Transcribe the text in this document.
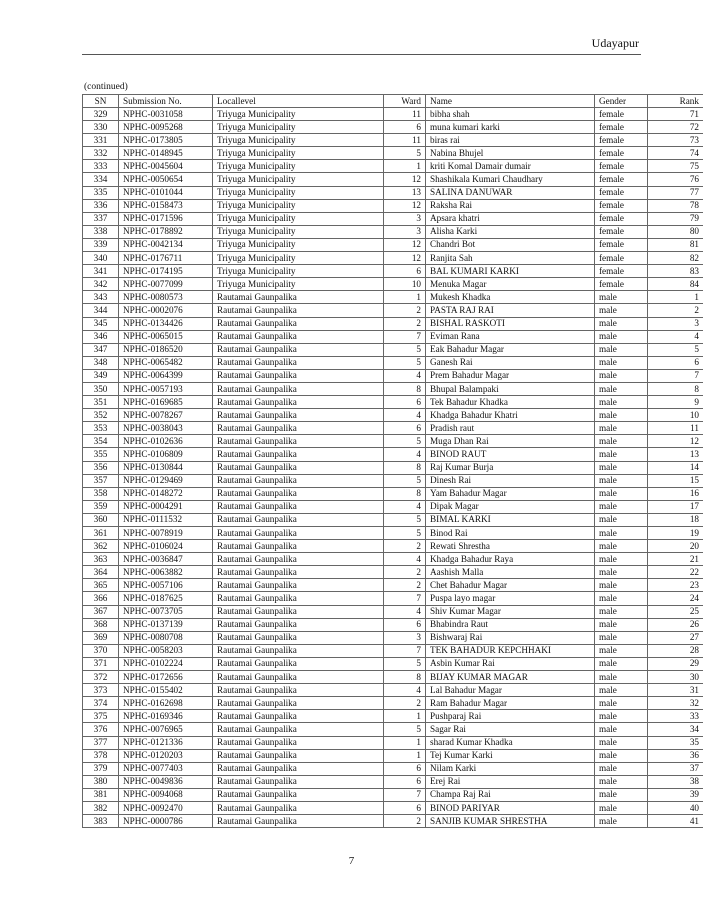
Udayapur
(continued)
SN	Submission No.	Locallevel	Ward	Name	Gender	Rank
329	NPHC-0031058	Triyuga Municipality	11	bibha shah	female	71
330	NPHC-0095268	Triyuga Municipality	6	muna kumari karki	female	72
331	NPHC-0173805	Triyuga Municipality	11	biras rai	female	73
332	NPHC-0148945	Triyuga Municipality	5	Nabina Bhujel	female	74
333	NPHC-0045604	Triyuga Municipality	1	kriti Komal Damair dumair	female	75
334	NPHC-0050654	Triyuga Municipality	12	Shashikala Kumari Chaudhary	female	76
335	NPHC-0101044	Triyuga Municipality	13	SALINA DANUWAR	female	77
336	NPHC-0158473	Triyuga Municipality	12	Raksha Rai	female	78
337	NPHC-0171596	Triyuga Municipality	3	Apsara khatri	female	79
338	NPHC-0178892	Triyuga Municipality	3	Alisha Karki	female	80
339	NPHC-0042134	Triyuga Municipality	12	Chandri Bot	female	81
340	NPHC-0176711	Triyuga Municipality	12	Ranjita Sah	female	82
341	NPHC-0174195	Triyuga Municipality	6	BAL KUMARI KARKI	female	83
342	NPHC-0077099	Triyuga Municipality	10	Menuka Magar	female	84
343	NPHC-0080573	Rautamai Gaunpalika	1	Mukesh Khadka	male	1
344	NPHC-0002076	Rautamai Gaunpalika	2	PASTA RAJ RAI	male	2
345	NPHC-0134426	Rautamai Gaunpalika	2	BISHAL RASKOTI	male	3
346	NPHC-0065015	Rautamai Gaunpalika	7	Eviman Rana	male	4
347	NPHC-0186520	Rautamai Gaunpalika	5	Eak Bahadur Magar	male	5
348	NPHC-0065482	Rautamai Gaunpalika	5	Ganesh Rai	male	6
349	NPHC-0064399	Rautamai Gaunpalika	4	Prem Bahadur Magar	male	7
350	NPHC-0057193	Rautamai Gaunpalika	8	Bhupal Balampaki	male	8
351	NPHC-0169685	Rautamai Gaunpalika	6	Tek Bahadur Khadka	male	9
352	NPHC-0078267	Rautamai Gaunpalika	4	Khadga Bahadur Khatri	male	10
353	NPHC-0038043	Rautamai Gaunpalika	6	Pradish raut	male	11
354	NPHC-0102636	Rautamai Gaunpalika	5	Muga Dhan Rai	male	12
355	NPHC-0106809	Rautamai Gaunpalika	4	BINOD RAUT	male	13
356	NPHC-0130844	Rautamai Gaunpalika	8	Raj Kumar Burja	male	14
357	NPHC-0129469	Rautamai Gaunpalika	5	Dinesh Rai	male	15
358	NPHC-0148272	Rautamai Gaunpalika	8	Yam Bahadur Magar	male	16
359	NPHC-0004291	Rautamai Gaunpalika	4	Dipak Magar	male	17
360	NPHC-0111532	Rautamai Gaunpalika	5	BIMAL KARKI	male	18
361	NPHC-0078919	Rautamai Gaunpalika	5	Binod Rai	male	19
362	NPHC-0106024	Rautamai Gaunpalika	2	Rewati Shrestha	male	20
363	NPHC-0036847	Rautamai Gaunpalika	4	Khadga Bahadur Raya	male	21
364	NPHC-0063882	Rautamai Gaunpalika	2	Aashish Malla	male	22
365	NPHC-0057106	Rautamai Gaunpalika	2	Chet Bahadur Magar	male	23
366	NPHC-0187625	Rautamai Gaunpalika	7	Puspa layo magar	male	24
367	NPHC-0073705	Rautamai Gaunpalika	4	Shiv Kumar Magar	male	25
368	NPHC-0137139	Rautamai Gaunpalika	6	Bhabindra Raut	male	26
369	NPHC-0080708	Rautamai Gaunpalika	3	Bishwaraj Rai	male	27
370	NPHC-0058203	Rautamai Gaunpalika	7	TEK BAHADUR KEPCHHAKI	male	28
371	NPHC-0102224	Rautamai Gaunpalika	5	Asbin Kumar Rai	male	29
372	NPHC-0172656	Rautamai Gaunpalika	8	BIJAY KUMAR MAGAR	male	30
373	NPHC-0155402	Rautamai Gaunpalika	4	Lal Bahadur Magar	male	31
374	NPHC-0162698	Rautamai Gaunpalika	2	Ram Bahadur Magar	male	32
375	NPHC-0169346	Rautamai Gaunpalika	1	Pushparaj Rai	male	33
376	NPHC-0076965	Rautamai Gaunpalika	5	Sagar Rai	male	34
377	NPHC-0121336	Rautamai Gaunpalika	1	sharad Kumar Khadka	male	35
378	NPHC-0120203	Rautamai Gaunpalika	1	Tej Kumar Karki	male	36
379	NPHC-0077403	Rautamai Gaunpalika	6	Nilam Karki	male	37
380	NPHC-0049836	Rautamai Gaunpalika	6	Erej Rai	male	38
381	NPHC-0094068	Rautamai Gaunpalika	7	Champa Raj Rai	male	39
382	NPHC-0092470	Rautamai Gaunpalika	6	BINOD PARIYAR	male	40
383	NPHC-0000786	Rautamai Gaunpalika	2	SANJIB KUMAR SHRESTHA	male	41
7
